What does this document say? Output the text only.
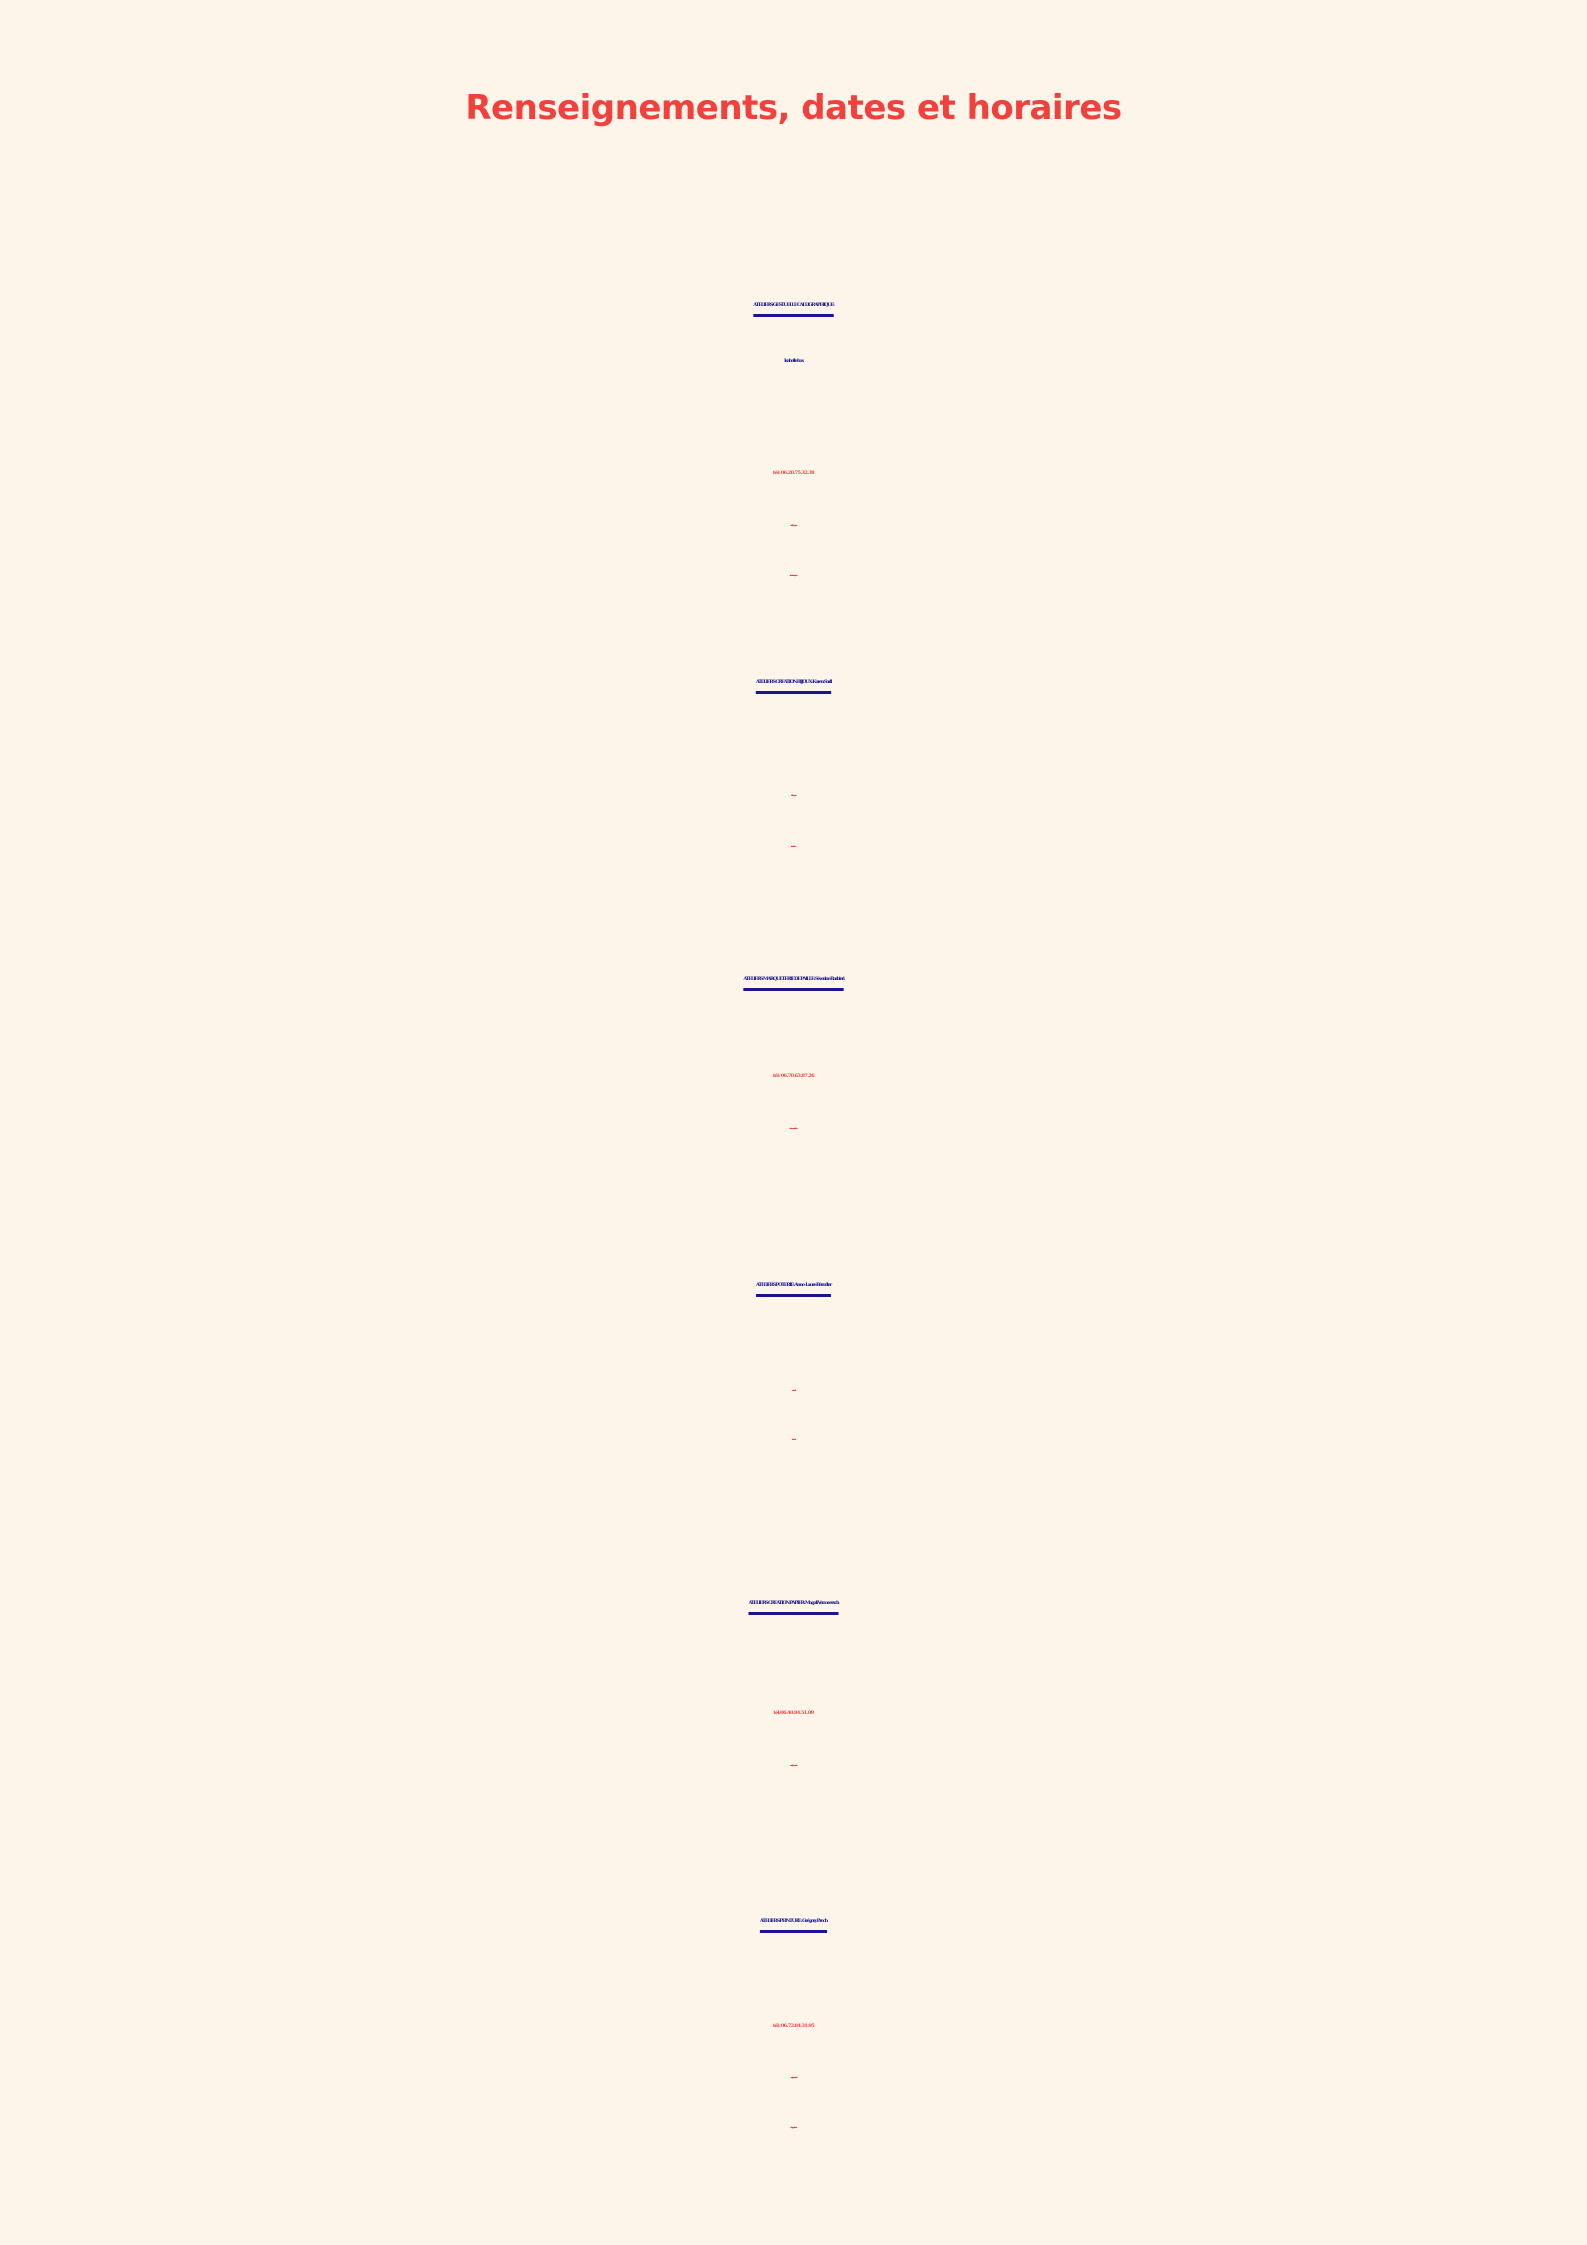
Renseignements, dates et horaires
ATELIERS GESTUELLE CALLIGRAPHIQUE:
Isabelle bos
tél: 06.20.75.32.38
mail: bosisabelle84@gmail.com
site internet : www.zabelcrea.wordpress.com
ATELIERS CREATION BIJOUX: Karen Sarll
mail: lavidalerie@gmail.com
site internet: www.lavidalerie.com
ATELIERS MARQUETERIE DE PAILLE: Séverine Barbieri
tél: 06.70.63.87.26
site internet: www.marqueterie-barbieri.com
ATELIERS POTERIE: Anne- Laure Bérodier
mail: contac@al-terre.fr
site internet: www.al-terre.fr
ATELIERS CREATION PAPIER: Magali Vermeersch
tél:06.40.84.51.09
mail: magali2v2a@gmail.com
ATELIERS PEINTURE : Grégory Proch
tél: 06.72.84.31.95
mail: gregoryproch@yahoo.fr
site internet: gregoryproch.my.canva.site
